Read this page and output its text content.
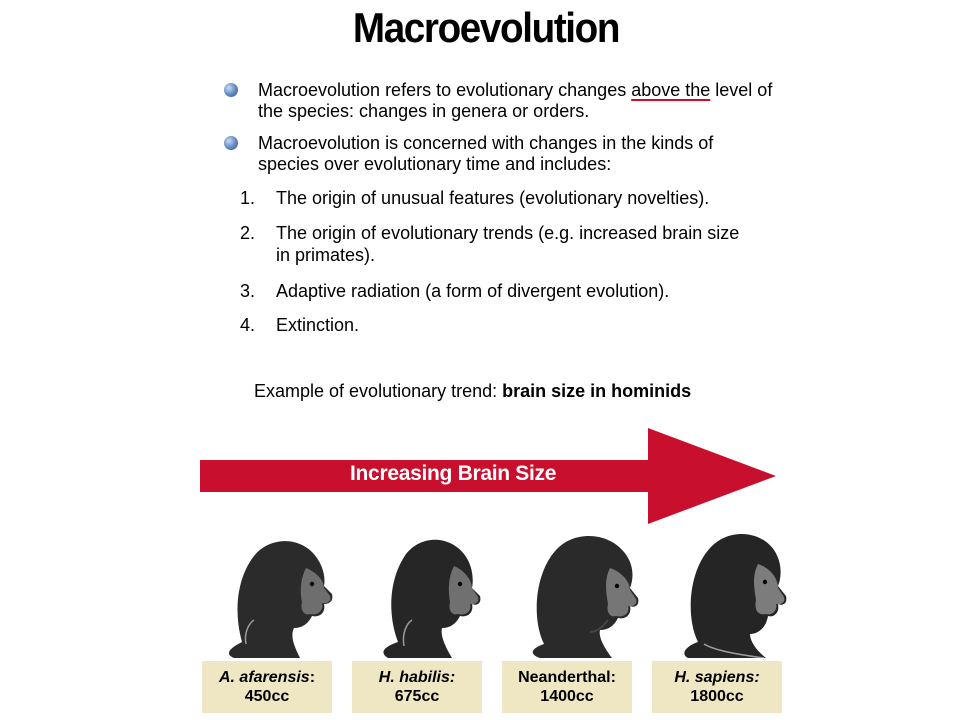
Macroevolution
Macroevolution refers to evolutionary changes above the level of the species: changes in genera or orders.
Macroevolution is concerned with changes in the kinds of species over evolutionary time and includes:
1.	The origin of unusual features (evolutionary novelties).
2.	The origin of evolutionary trends (e.g. increased brain size in primates).
3.	Adaptive radiation (a form of divergent evolution).
4.	Extinction.
Example of evolutionary trend: brain size in hominids
Increasing Brain Size
A. afarensis:
450cc
H. habilis:
675cc
Neanderthal:
1400cc
H. sapiens:
1800cc
